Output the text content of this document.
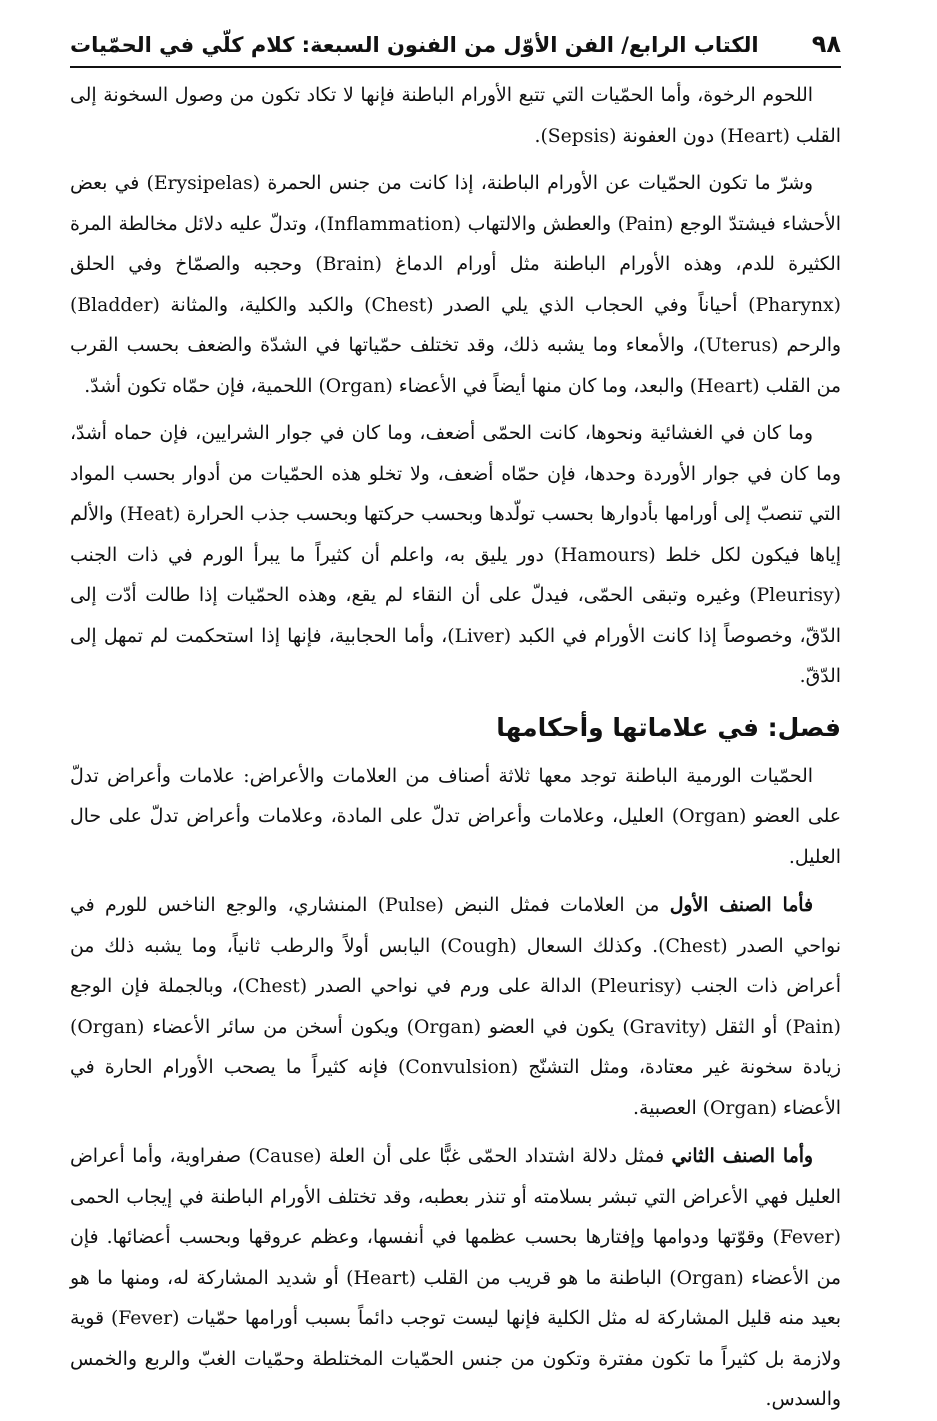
٩٨
الكتاب الرابع/ الفن الأوّل من الفنون السبعة: كلام كلّي في الحمّيات

اللحوم الرخوة، وأما الحمّيات التي تتبع الأورام الباطنة فإنها لا تكاد تكون من وصول السخونة إلى القلب (Heart) دون العفونة (Sepsis).

وشرّ ما تكون الحمّيات عن الأورام الباطنة، إذا كانت من جنس الحمرة (Erysipelas) في بعض الأحشاء فيشتدّ الوجع (Pain) والعطش والالتهاب (Inflammation)، وتدلّ عليه دلائل مخالطة المرة الكثيرة للدم، وهذه الأورام الباطنة مثل أورام الدماغ (Brain) وحجبه والصمّاخ وفي الحلق (Pharynx) أحياناً وفي الحجاب الذي يلي الصدر (Chest) والكبد والكلية، والمثانة (Bladder) والرحم (Uterus)، والأمعاء وما يشبه ذلك، وقد تختلف حمّياتها في الشدّة والضعف بحسب القرب من القلب (Heart) والبعد، وما كان منها أيضاً في الأعضاء (Organ) اللحمية، فإن حمّاه تكون أشدّ.

وما كان في الغشائية ونحوها، كانت الحمّى أضعف، وما كان في جوار الشرايين، فإن حماه أشدّ، وما كان في جوار الأوردة وحدها، فإن حمّاه أضعف، ولا تخلو هذه الحمّيات من أدوار بحسب المواد التي تنصبّ إلى أورامها بأدوارها بحسب تولّدها وبحسب حركتها وبحسب جذب الحرارة (Heat) والألم إياها فيكون لكل خلط (Hamours) دور يليق به، واعلم أن كثيراً ما يبرأ الورم في ذات الجنب (Pleurisy) وغيره وتبقى الحمّى، فيدلّ على أن النقاء لم يقع، وهذه الحمّيات إذا طالت أدّت إلى الدّقّ، وخصوصاً إذا كانت الأورام في الكبد (Liver)، وأما الحجابية، فإنها إذا استحكمت لم تمهل إلى الدّقّ.

فصل: في علاماتها وأحكامها

الحمّيات الورمية الباطنة توجد معها ثلاثة أصناف من العلامات والأعراض: علامات وأعراض تدلّ على العضو (Organ) العليل، وعلامات وأعراض تدلّ على المادة، وعلامات وأعراض تدلّ على حال العليل.

فأما الصنف الأول من العلامات فمثل النبض (Pulse) المنشاري، والوجع الناخس للورم في نواحي الصدر (Chest). وكذلك السعال (Cough) اليابس أولاً والرطب ثانياً، وما يشبه ذلك من أعراض ذات الجنب (Pleurisy) الدالة على ورم في نواحي الصدر (Chest)، وبالجملة فإن الوجع (Pain) أو الثقل (Gravity) يكون في العضو (Organ) ويكون أسخن من سائر الأعضاء (Organ) زيادة سخونة غير معتادة، ومثل التشنّج (Convulsion) فإنه كثيراً ما يصحب الأورام الحارة في الأعضاء (Organ) العصبية.

وأما الصنف الثاني فمثل دلالة اشتداد الحمّى غبًّا على أن العلة (Cause) صفراوية، وأما أعراض العليل فهي الأعراض التي تبشر بسلامته أو تنذر بعطبه، وقد تختلف الأورام الباطنة في إيجاب الحمى (Fever) وقوّتها ودوامها وإفتارها بحسب عظمها في أنفسها، وعظم عروقها وبحسب أعضائها. فإن من الأعضاء (Organ) الباطنة ما هو قريب من القلب (Heart) أو شديد المشاركة له، ومنها ما هو بعيد منه قليل المشاركة له مثل الكلية فإنها ليست توجب دائماً بسبب أورامها حمّيات (Fever) قوية ولازمة بل كثيراً ما تكون مفترة وتكون من جنس الحمّيات المختلطة وحمّيات الغبّ والربع والخمس والسدس.
